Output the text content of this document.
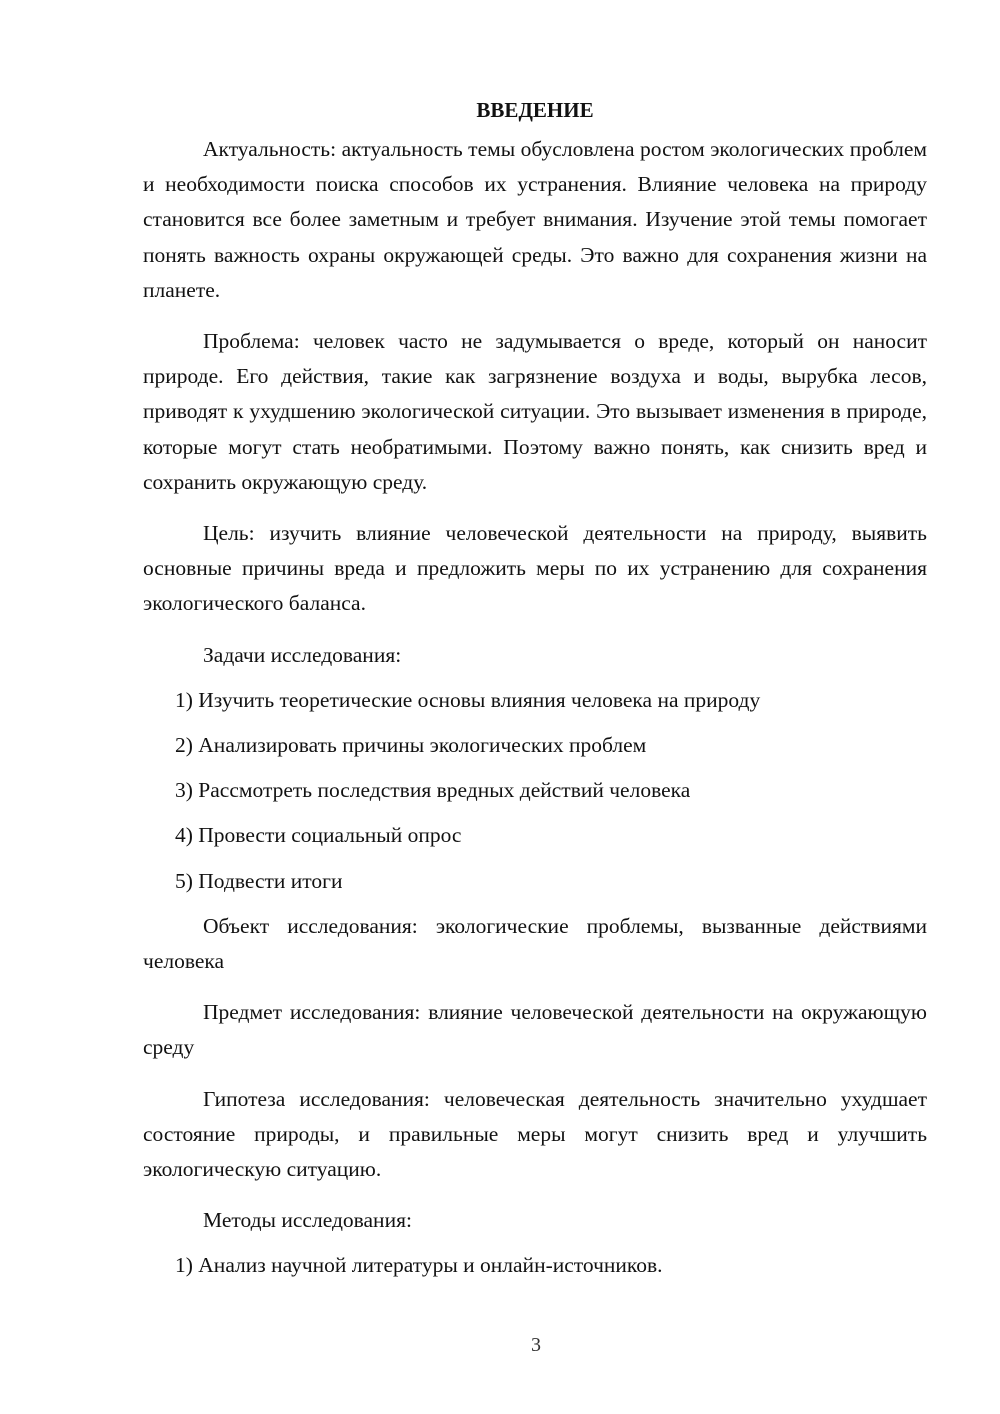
ВВЕДЕНИЕ

Актуальность: актуальность темы обусловлена ростом экологических проблем и необходимости поиска способов их устранения. Влияние человека на природу становится все более заметным и требует внимания. Изучение этой темы помогает понять важность охраны окружающей среды. Это важно для сохранения жизни на планете.

Проблема: человек часто не задумывается о вреде, который он наносит природе. Его действия, такие как загрязнение воздуха и воды, вырубка лесов, приводят к ухудшению экологической ситуации. Это вызывает изменения в природе, которые могут стать необратимыми. Поэтому важно понять, как снизить вред и сохранить окружающую среду.

Цель: изучить влияние человеческой деятельности на природу, выявить основные причины вреда и предложить меры по их устранению для сохранения экологического баланса.

Задачи исследования:

1) Изучить теоретические основы влияния человека на природу
2) Анализировать причины экологических проблем
3) Рассмотреть последствия вредных действий человека
4) Провести социальный опрос
5) Подвести итоги

Объект исследования: экологические проблемы, вызванные действиями человека

Предмет исследования: влияние человеческой деятельности на окружающую среду

Гипотеза исследования: человеческая деятельность значительно ухудшает состояние природы, и правильные меры могут снизить вред и улучшить экологическую ситуацию.

Методы исследования:

1) Анализ научной литературы и онлайн-источников.
3
